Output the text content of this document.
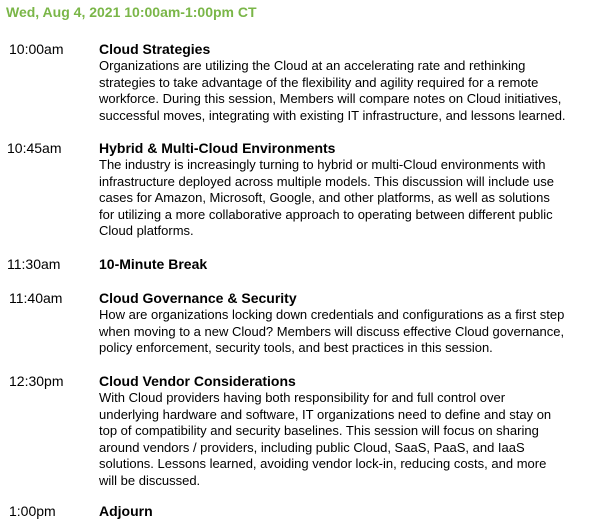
Wed, Aug 4, 2021 10:00am-1:00pm CT
10:00am	Cloud Strategies
Organizations are utilizing the Cloud at an accelerating rate and rethinking
strategies to take advantage of the flexibility and agility required for a remote
workforce. During this session, Members will compare notes on Cloud initiatives,
successful moves, integrating with existing IT infrastructure, and lessons learned.
10:45am	Hybrid & Multi-Cloud Environments
The industry is increasingly turning to hybrid or multi-Cloud environments with
infrastructure deployed across multiple models. This discussion will include use
cases for Amazon, Microsoft, Google, and other platforms, as well as solutions
for utilizing a more collaborative approach to operating between different public
Cloud platforms.
11:30am	10-Minute Break
11:40am	Cloud Governance & Security
How are organizations locking down credentials and configurations as a first step
when moving to a new Cloud? Members will discuss effective Cloud governance,
policy enforcement, security tools, and best practices in this session.
12:30pm	Cloud Vendor Considerations
With Cloud providers having both responsibility for and full control over
underlying hardware and software, IT organizations need to define and stay on
top of compatibility and security baselines. This session will focus on sharing
around vendors / providers, including public Cloud, SaaS, PaaS, and IaaS
solutions. Lessons learned, avoiding vendor lock-in, reducing costs, and more
will be discussed.
1:00pm	Adjourn
